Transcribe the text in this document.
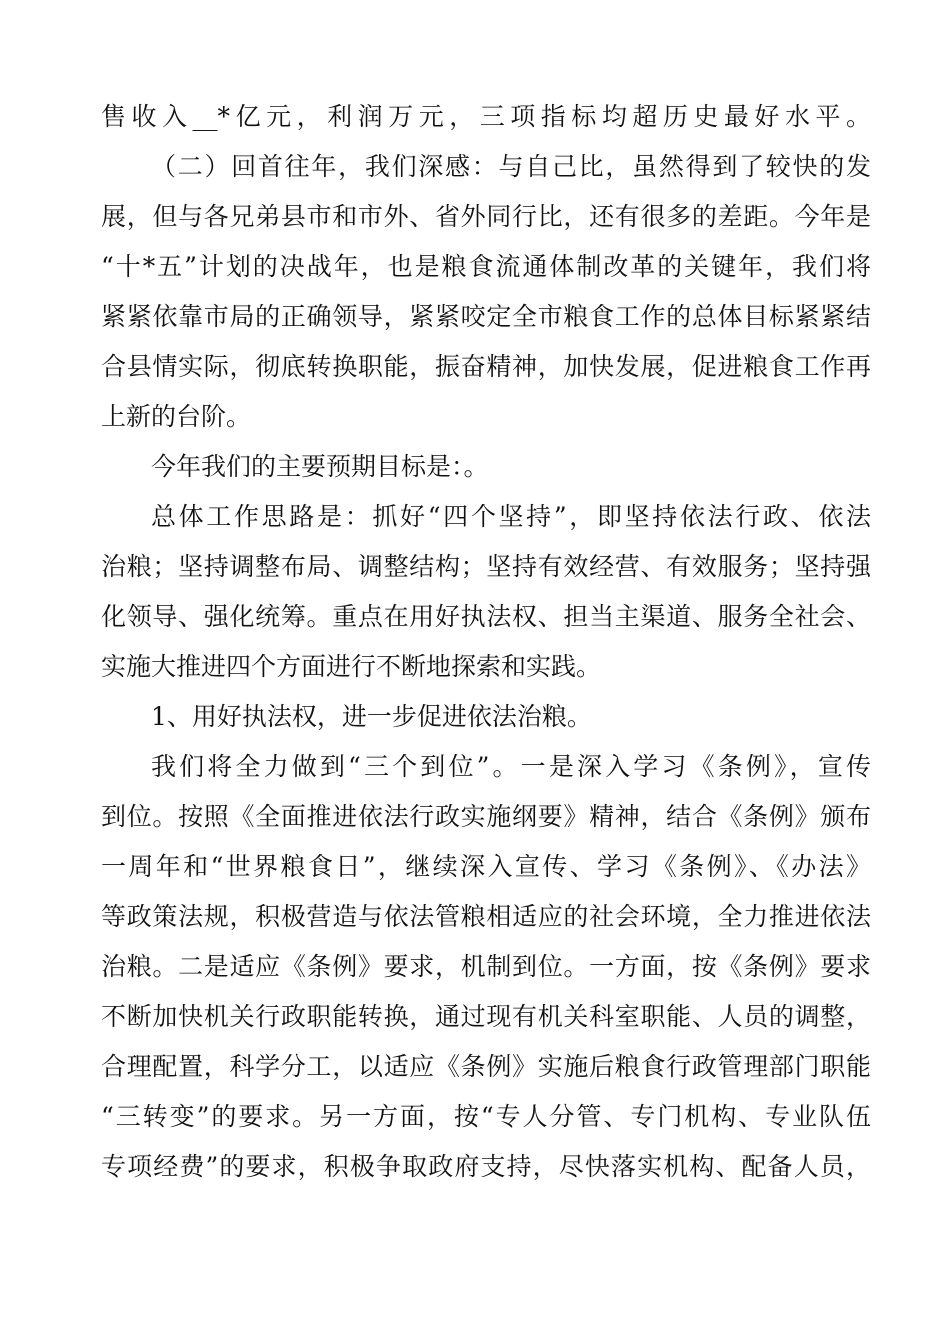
售收入__*亿元，利润万元，三项指标均超历史最好水平。
（二）回首往年，我们深感：与自己比，虽然得到了较快的发
展，但与各兄弟县市和市外、省外同行比，还有很多的差距。今年是
“十*五”计划的决战年，也是粮食流通体制改革的关键年，我们将
紧紧依靠市局的正确领导，紧紧咬定全市粮食工作的总体目标紧紧结
合县情实际，彻底转换职能，振奋精神，加快发展，促进粮食工作再
上新的台阶。
今年我们的主要预期目标是：。
总体工作思路是：抓好“四个坚持”，即坚持依法行政、依法
治粮；坚持调整布局、调整结构；坚持有效经营、有效服务；坚持强
化领导、强化统筹。重点在用好执法权、担当主渠道、服务全社会、
实施大推进四个方面进行不断地探索和实践。
1、用好执法权，进一步促进依法治粮。
我们将全力做到“三个到位”。一是深入学习《条例》，宣传
到位。按照《全面推进依法行政实施纲要》精神，结合《条例》颁布
一周年和“世界粮食日”，继续深入宣传、学习《条例》、《办法》
等政策法规，积极营造与依法管粮相适应的社会环境，全力推进依法
治粮。二是适应《条例》要求，机制到位。一方面，按《条例》要求
不断加快机关行政职能转换，通过现有机关科室职能、人员的调整，
合理配置，科学分工，以适应《条例》实施后粮食行政管理部门职能
“三转变”的要求。另一方面，按“专人分管、专门机构、专业队伍
专项经费”的要求，积极争取政府支持，尽快落实机构、配备人员，
